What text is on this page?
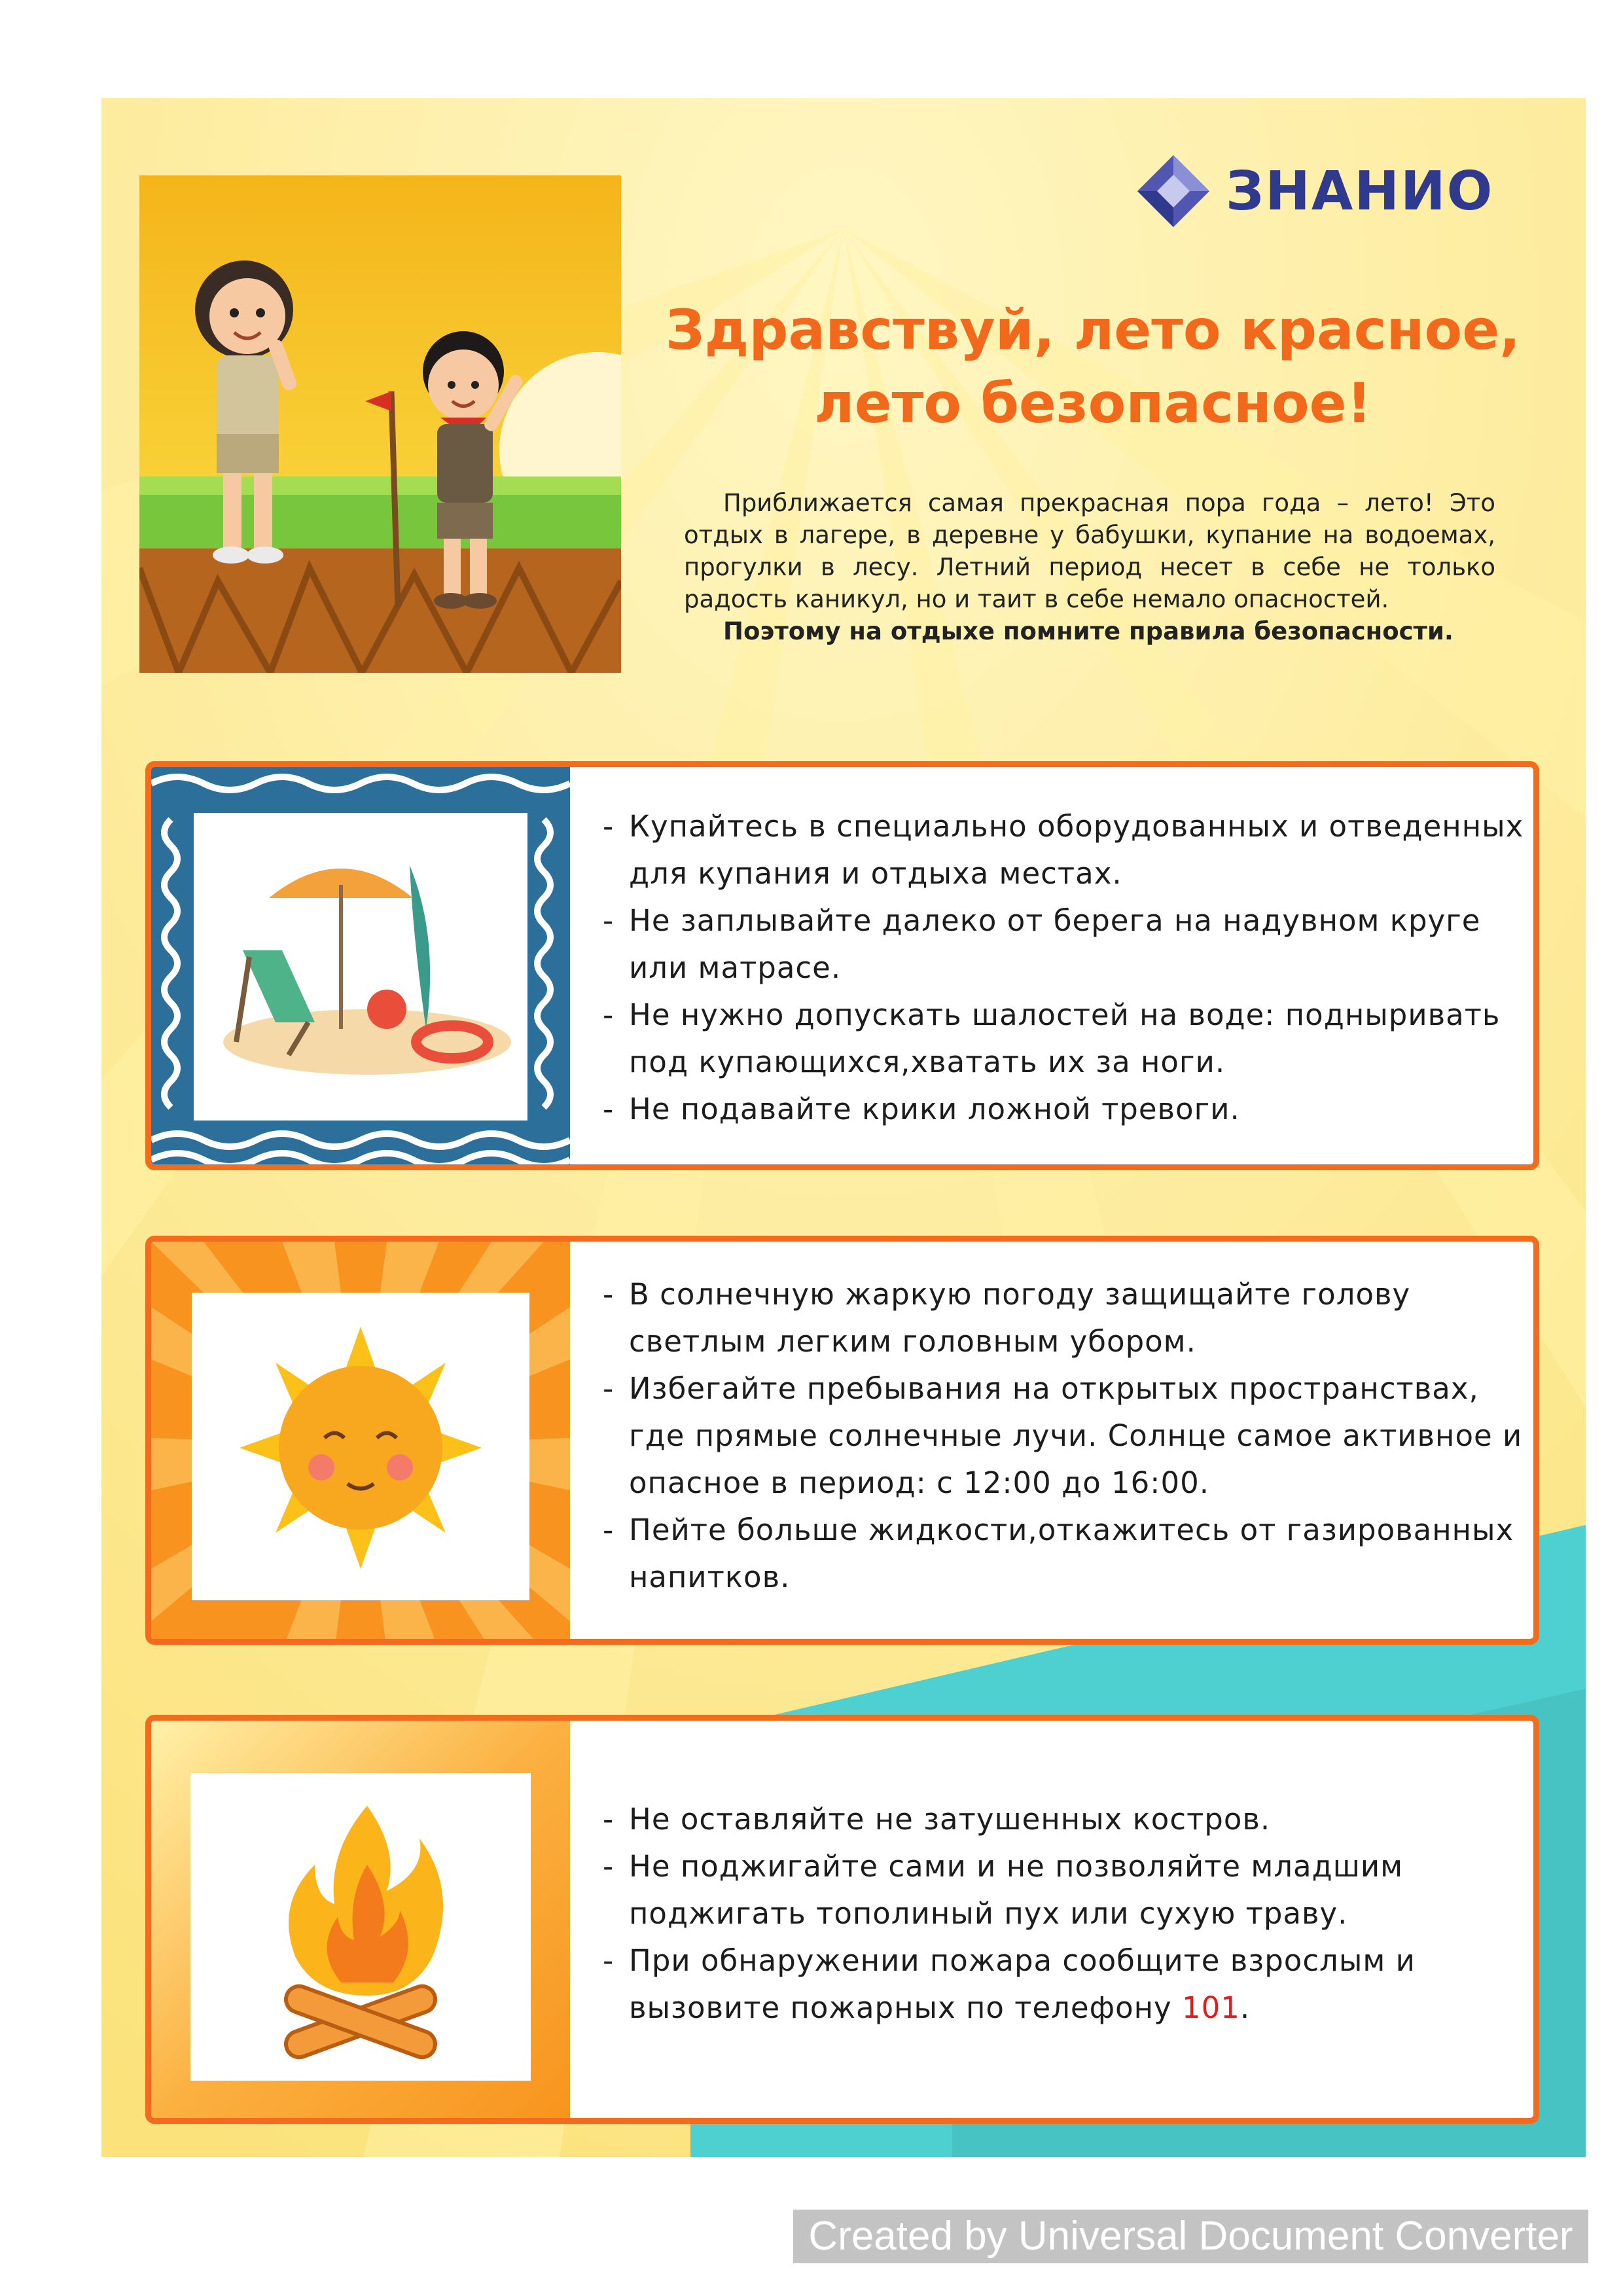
ЗНАНИО
Здравствуй, лето красное,
лето безопасное!

Приближается самая прекрасная пора года – лето! Это отдых в лагере, в деревне у бабушки, купание на водоемах, прогулки в лесу. Летний период несет в себе не только радость каникул, но и таит в себе немало опасностей.

Поэтому на отдыхе помните правила безопасности.

- Купайтесь в специально оборудованных и отведенных для купания и отдыха местах.
- Не заплывайте далеко от берега на надувном круге или матрасе.
- Не нужно допускать шалостей на воде: подныривать под купающихся,хватать их за ноги.
- Не подавайте крики ложной тревоги.
- В солнечную жаркую погоду защищайте голову светлым легким головным убором.
- Избегайте пребывания на открытых пространствах, где прямые солнечные лучи. Солнце самое активное и опасное в период: с 12:00 до 16:00.
- Пейте больше жидкости,откажитесь от газированных напитков.
- Не оставляйте не затушенных костров.
- Не поджигайте сами и не позволяйте младшим поджигать тополиный пух или сухую траву.
- При обнаружении пожара сообщите взрослым и вызовите пожарных по телефону 101.
Created by Universal Document Converter
